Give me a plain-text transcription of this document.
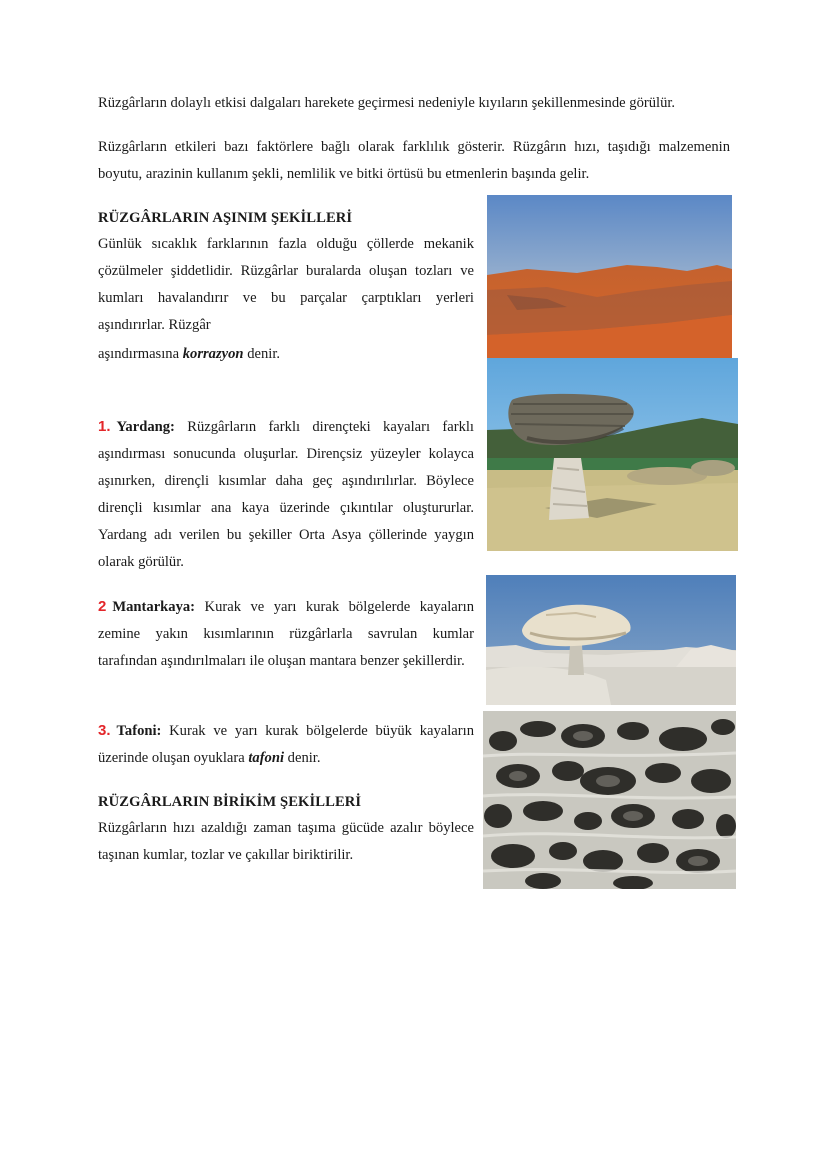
Rüzgârların dolaylı etkisi dalgaları harekete geçirmesi nedeniyle kıyıların şekillenmesinde görülür.

Rüzgârların etkileri bazı faktörlere bağlı olarak farklılık gösterir. Rüzgârın hızı, taşıdığı malzemenin boyutu, arazinin kullanım şekli, nemlilik ve bitki örtüsü bu etmenlerin başında gelir.

RÜZGÂRLARIN AŞINIM ŞEKİLLERİ

Günlük sıcaklık farklarının fazla olduğu çöllerde mekanik çözülmeler şiddetlidir. Rüzgârlar buralarda oluşan tozları ve kumları havalandırır ve bu parçalar çarptıkları yerleri aşındırırlar. Rüzgâr

aşındırmasına korrazyon denir.

1. Yardang: Rüzgârların farklı dirençteki kayaları farklı aşındırması sonucunda oluşurlar. Dirençsiz yüzeyler kolayca aşınırken, dirençli kısımlar daha geç aşındırılırlar. Böylece dirençli kısımlar ana kaya üzerinde çıkıntılar oluştururlar. Yardang adı verilen bu şekiller Orta Asya çöllerinde yaygın olarak görülür.

2 Mantarkaya: Kurak ve yarı kurak bölgelerde kayaların zemine yakın kısımlarının rüzgârlarla savrulan kumlar tarafından aşındırılmaları ile oluşan mantara benzer şekillerdir.

3. Tafoni: Kurak ve yarı kurak bölgelerde büyük kayaların üzerinde oluşan oyuklara tafoni denir.

RÜZGÂRLARIN BİRİKİM ŞEKİLLERİ

Rüzgârların hızı azaldığı zaman taşıma gücüde azalır böylece taşınan kumlar, tozlar ve çakıllar biriktirilir.
